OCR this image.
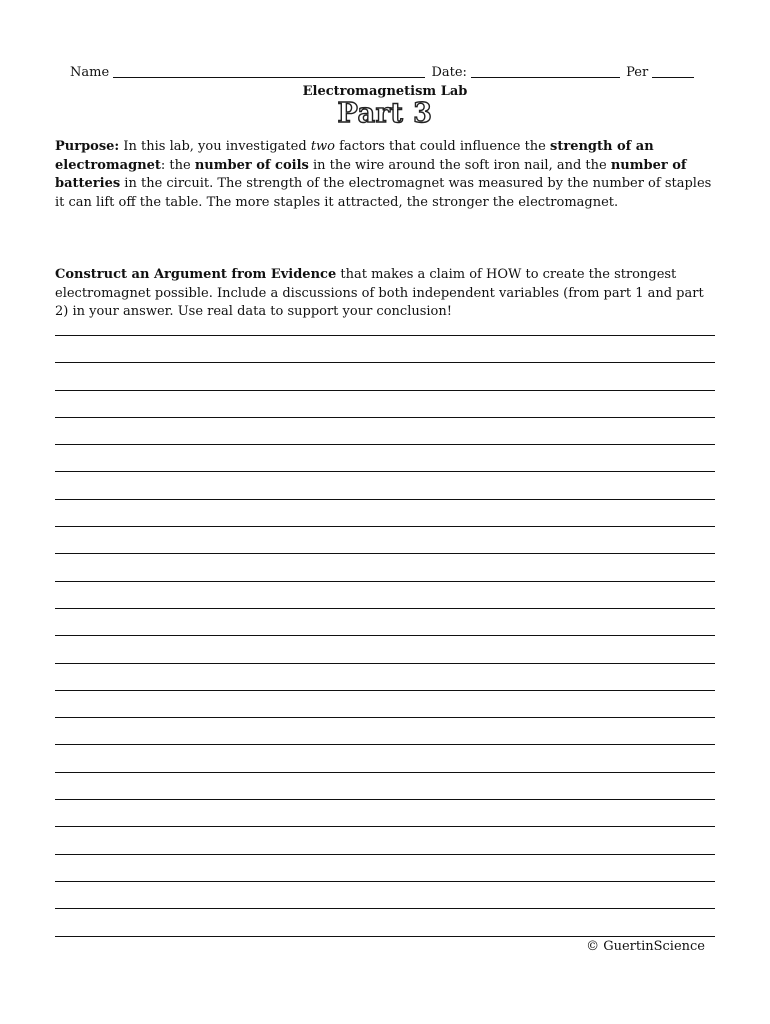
Name	Date:	Per
Electromagnetism Lab
Part 3
Purpose: In this lab, you investigated two factors that could influence the strength of an electromagnet: the number of coils in the wire around the soft iron nail, and the number of batteries in the circuit. The strength of the electromagnet was measured by the number of staples it can lift off the table. The more staples it attracted, the stronger the electromagnet.
Construct an Argument from Evidence that makes a claim of HOW to create the strongest electromagnet possible. Include a discussions of both independent variables (from part 1 and part 2) in your answer. Use real data to support your conclusion!
© GuertinScience
